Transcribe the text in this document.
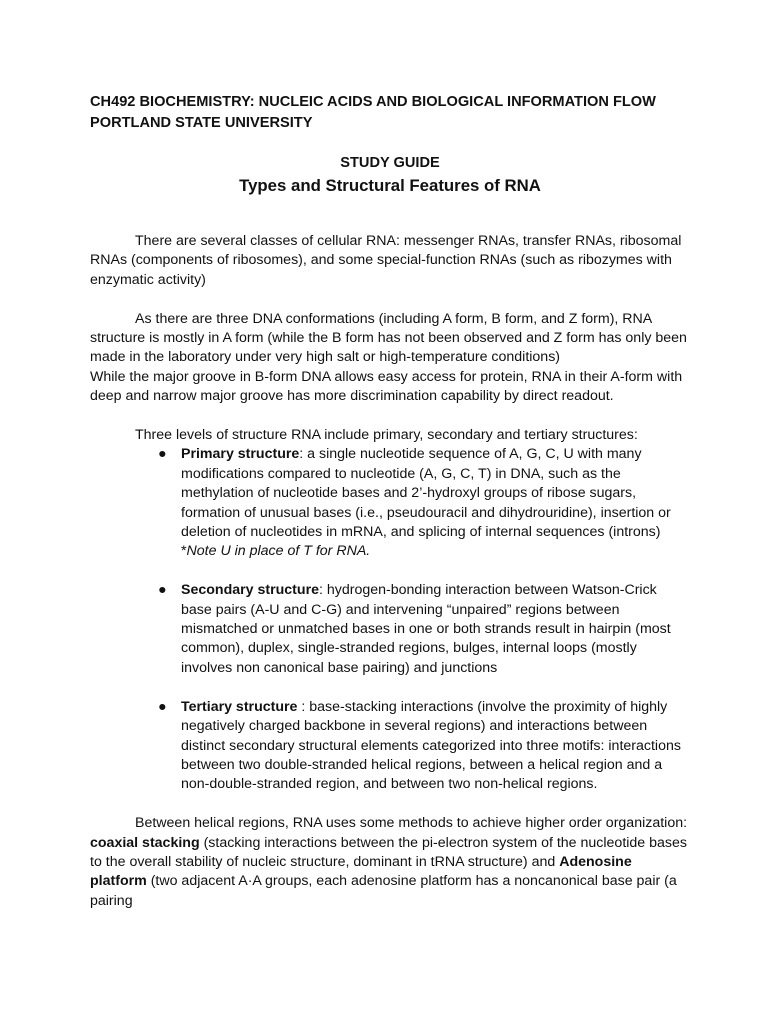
CH492 BIOCHEMISTRY: NUCLEIC ACIDS AND BIOLOGICAL INFORMATION FLOW

PORTLAND STATE UNIVERSITY

STUDY GUIDE

Types and Structural Features of RNA

There are several classes of cellular RNA: messenger RNAs, transfer RNAs, ribosomal RNAs (components of ribosomes), and some special-function RNAs (such as ribozymes with enzymatic activity)

As there are three DNA conformations (including A form, B form, and Z form), RNA structure is mostly in A form (while the B form has not been observed and Z form has only been made in the laboratory under very high salt or high-temperature conditions)

While the major groove in B-form DNA allows easy access for protein, RNA in their A-form with deep and narrow major groove has more discrimination capability by direct readout.

Three levels of structure RNA include primary, secondary and tertiary structures:

● Primary structure: a single nucleotide sequence of A, G, C, U with many modifications compared to nucleotide (A, G, C, T) in DNA, such as the methylation of nucleotide bases and 2’-hydroxyl groups of ribose sugars, formation of unusual bases (i.e., pseudouracil and dihydrouridine), insertion or deletion of nucleotides in mRNA, and splicing of internal sequences (introns)
*Note U in place of T for RNA.
● Secondary structure: hydrogen-bonding interaction between Watson-Crick base pairs (A-U and C-G) and intervening “unpaired” regions between mismatched or unmatched bases in one or both strands result in hairpin (most common), duplex, single-stranded regions, bulges, internal loops (mostly involves non canonical base pairing) and junctions
● Tertiary structure : base-stacking interactions (involve the proximity of highly negatively charged backbone in several regions) and interactions between distinct secondary structural elements categorized into three motifs: interactions between two double-stranded helical regions, between a helical region and a non-double-stranded region, and between two non-helical regions.

Between helical regions, RNA uses some methods to achieve higher order organization: coaxial stacking (stacking interactions between the pi-electron system of the nucleotide bases to the overall stability of nucleic structure, dominant in tRNA structure) and Adenosine platform (two adjacent A·A groups, each adenosine platform has a noncanonical base pair (a pairing
